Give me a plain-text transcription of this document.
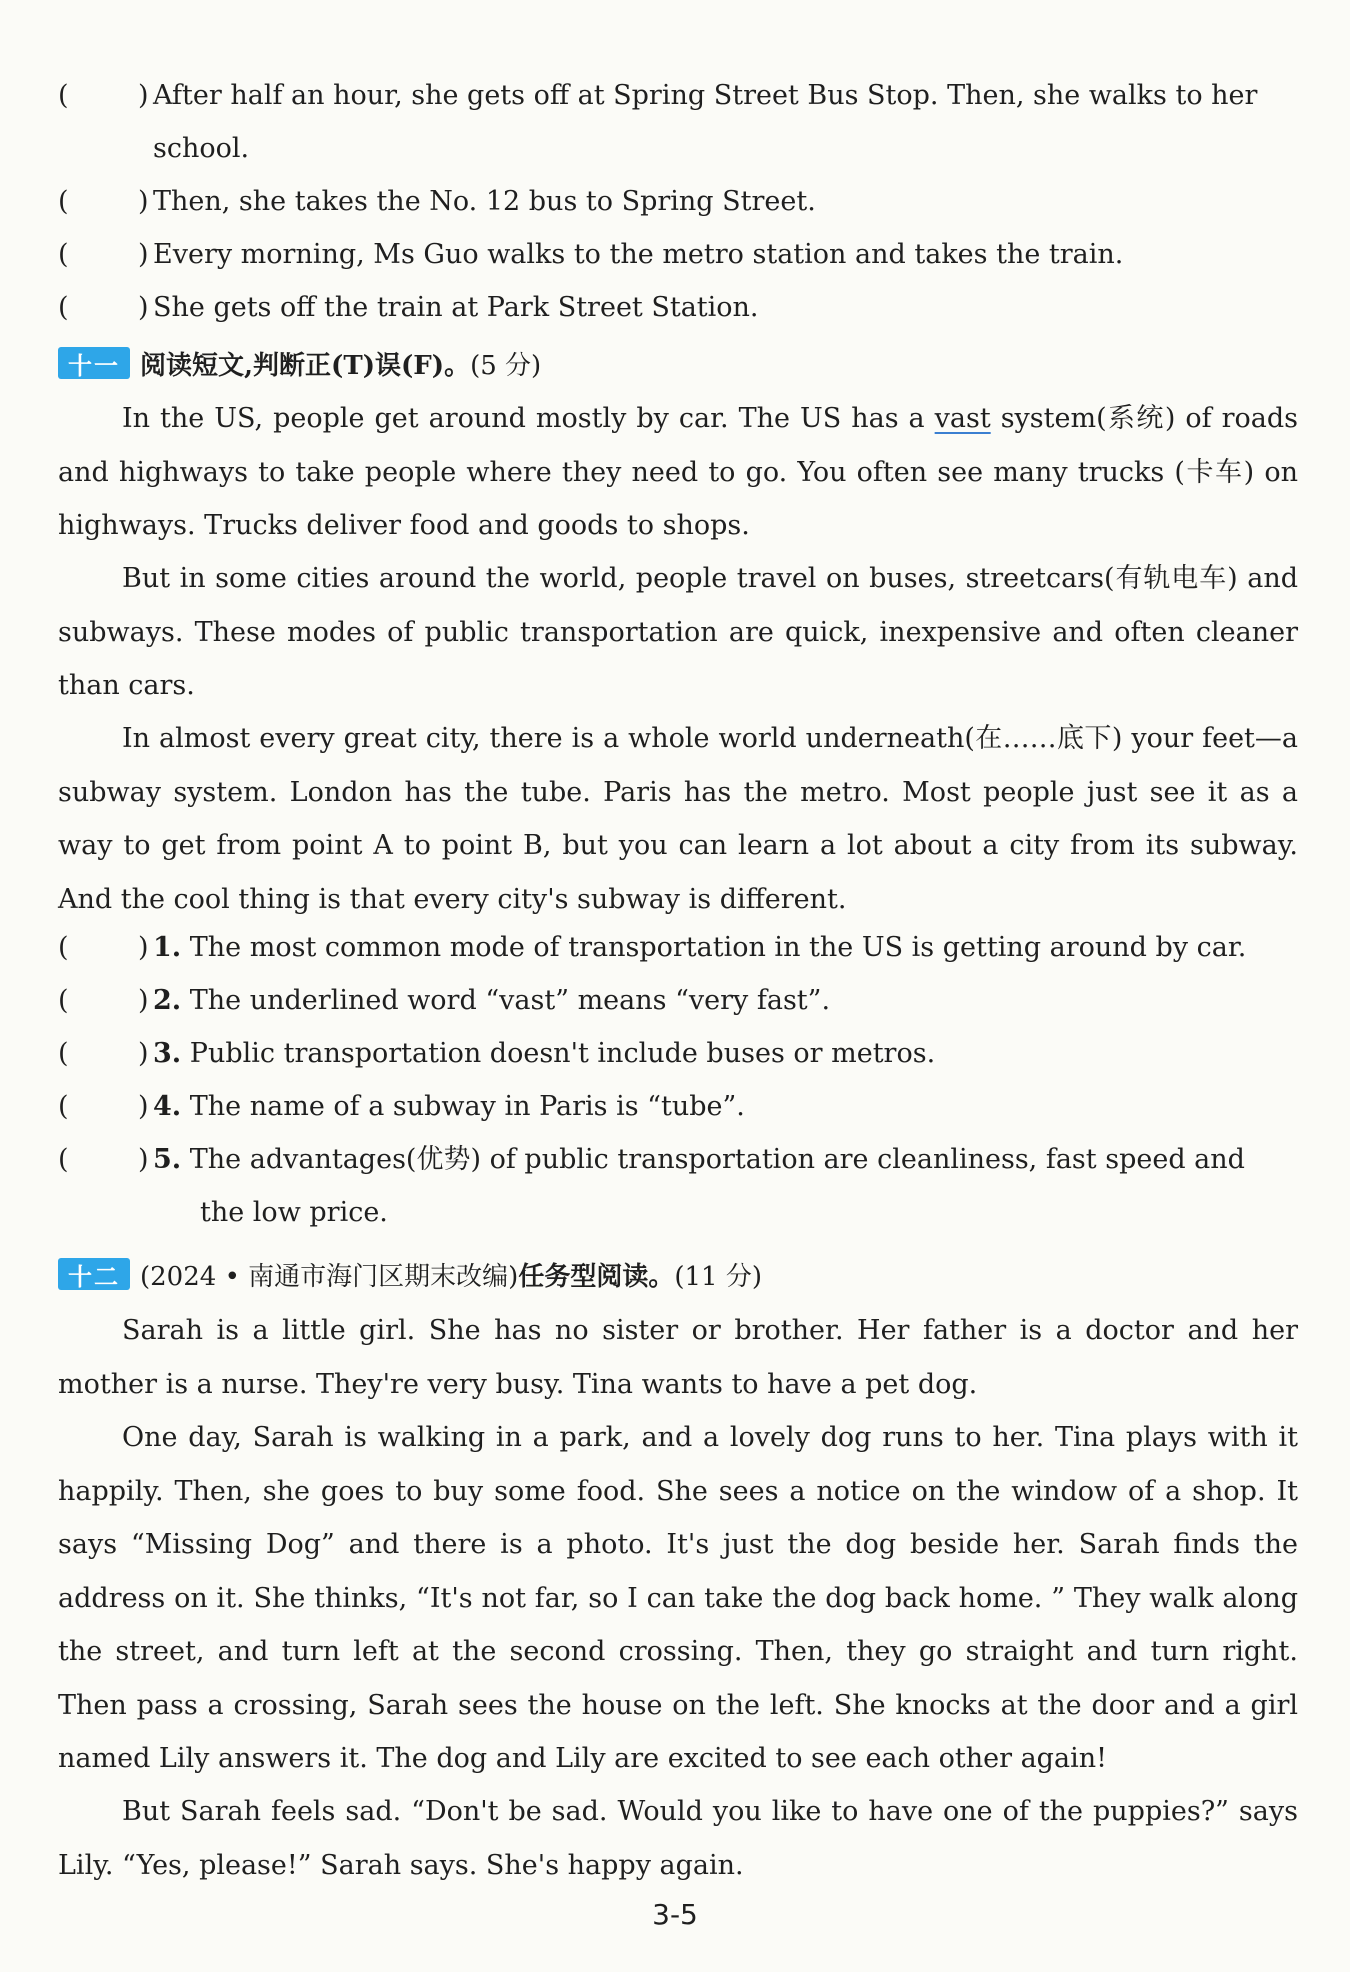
(	) After half an hour, she gets off at Spring Street Bus Stop. Then, she walks to her
school.
(	) Then, she takes the No. 12 bus to Spring Street.
(	) Every morning, Ms Guo walks to the metro station and takes the train.
(	) She gets off the train at Park Street Station.
十一 阅读短文,判断正(T)误(F)。 (5 分)
In the US, people get around mostly by car. The US has a vast system(系统) of roads and highways to take people where they need to go. You often see many trucks (卡车) on highways. Trucks deliver food and goods to shops.
But in some cities around the world, people travel on buses, streetcars(有轨电车) and subways. These modes of public transportation are quick, inexpensive and often cleaner than cars.
In almost every great city, there is a whole world underneath(在……底下) your feet—a subway system. London has the tube. Paris has the metro. Most people just see it as a way to get from point A to point B, but you can learn a lot about a city from its subway. And the cool thing is that every city's subway is different.
(	) 1. The most common mode of transportation in the US is getting around by car.
(	) 2. The underlined word “vast” means “very fast”.
(	) 3. Public transportation doesn't include buses or metros.
(	) 4. The name of a subway in Paris is “tube”.
(	) 5. The advantages(优势) of public transportation are cleanliness, fast speed and
the low price.
十二 (2024 • 南通市海门区期末改编) 任务型阅读。 (11 分)
Sarah is a little girl. She has no sister or brother. Her father is a doctor and her mother is a nurse. They're very busy. Tina wants to have a pet dog.
One day, Sarah is walking in a park, and a lovely dog runs to her. Tina plays with it happily. Then, she goes to buy some food. She sees a notice on the window of a shop. It says “Missing Dog” and there is a photo. It's just the dog beside her. Sarah finds the address on it. She thinks, “It's not far, so I can take the dog back home. ” They walk along the street, and turn left at the second crossing. Then, they go straight and turn right. Then pass a crossing, Sarah sees the house on the left. She knocks at the door and a girl named Lily answers it. The dog and Lily are excited to see each other again!
But Sarah feels sad. “Don't be sad. Would you like to have one of the puppies?” says Lily. “Yes, please!” Sarah says. She's happy again.
3-5
